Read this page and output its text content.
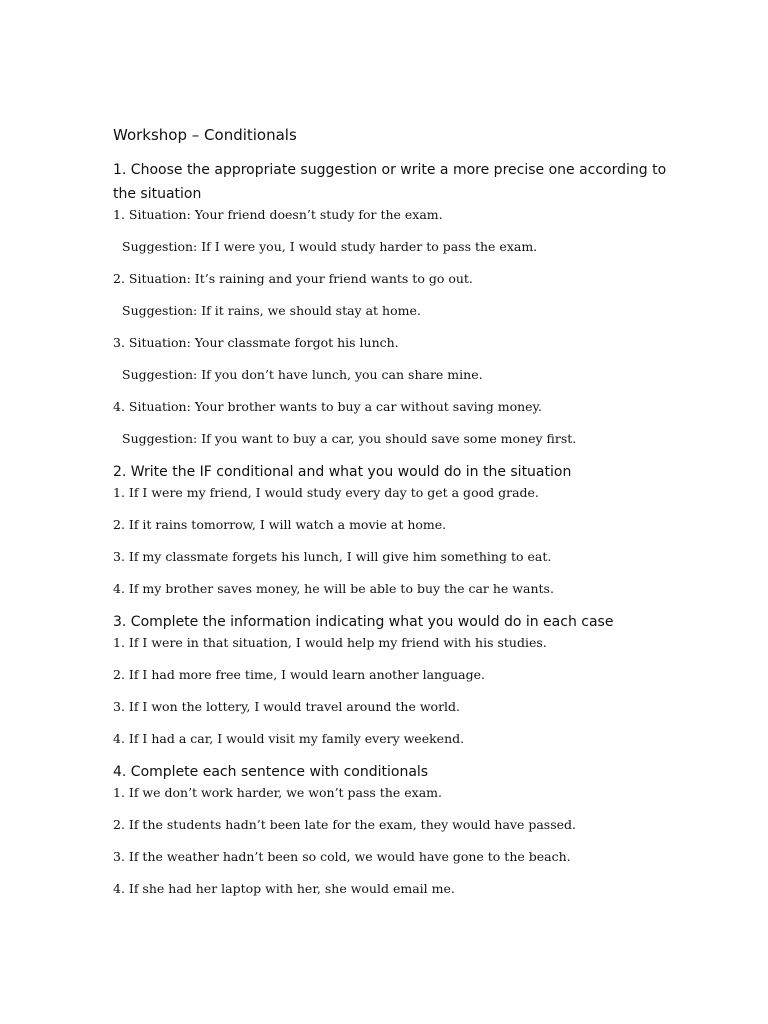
Workshop – Conditionals
1. Choose the appropriate suggestion or write a more precise one according to the situation

1. Situation: Your friend doesn’t study for the exam.

Suggestion: If I were you, I would study harder to pass the exam.

2. Situation: It’s raining and your friend wants to go out.

Suggestion: If it rains, we should stay at home.

3. Situation: Your classmate forgot his lunch.

Suggestion: If you don’t have lunch, you can share mine.

4. Situation: Your brother wants to buy a car without saving money.

Suggestion: If you want to buy a car, you should save some money first.

2. Write the IF conditional and what you would do in the situation

1. If I were my friend, I would study every day to get a good grade.

2. If it rains tomorrow, I will watch a movie at home.

3. If my classmate forgets his lunch, I will give him something to eat.

4. If my brother saves money, he will be able to buy the car he wants.

3. Complete the information indicating what you would do in each case

1. If I were in that situation, I would help my friend with his studies.

2. If I had more free time, I would learn another language.

3. If I won the lottery, I would travel around the world.

4. If I had a car, I would visit my family every weekend.

4. Complete each sentence with conditionals

1. If we don’t work harder, we won’t pass the exam.

2. If the students hadn’t been late for the exam, they would have passed.

3. If the weather hadn’t been so cold, we would have gone to the beach.

4. If she had her laptop with her, she would email me.
